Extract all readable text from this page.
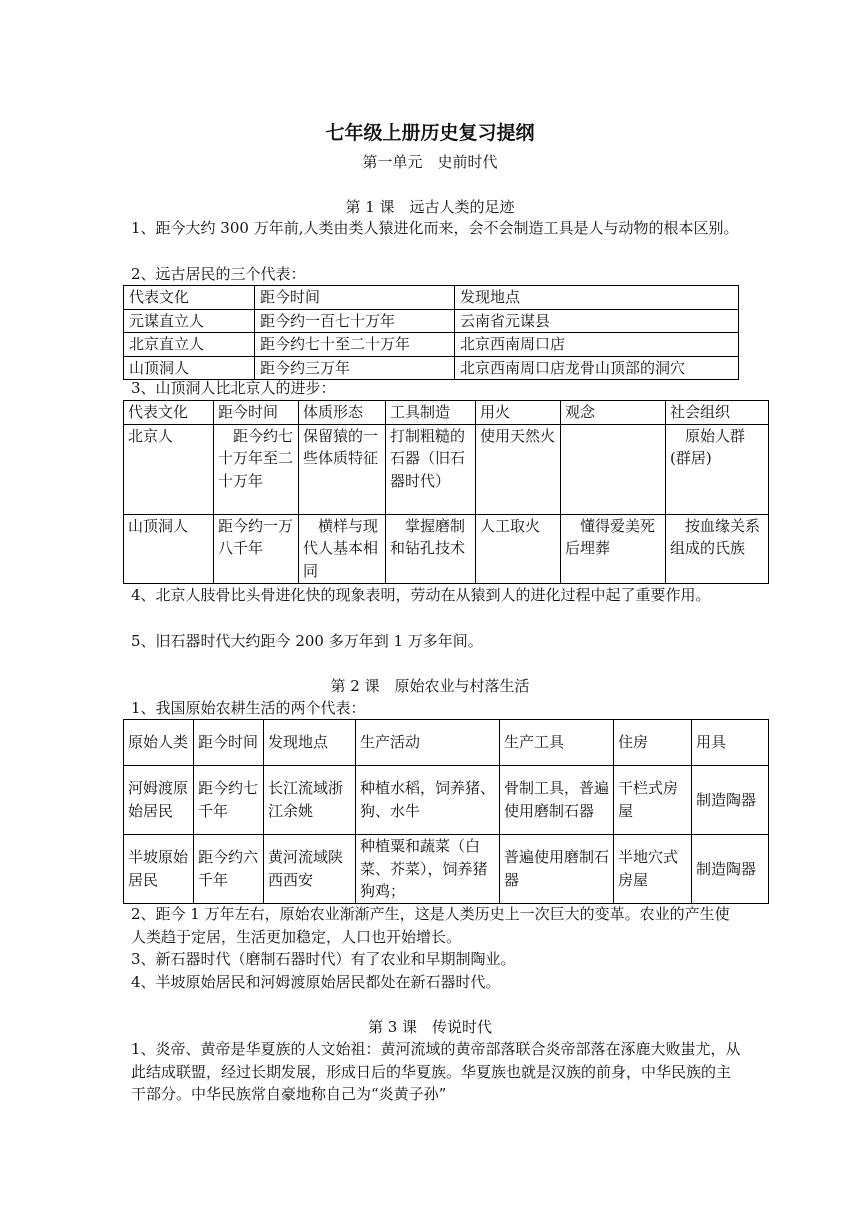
七年级上册历史复习提纲
第一单元　史前时代
第 1 课　远古人类的足迹
1、距今大约 300 万年前,人类由类人猿进化而来，会不会制造工具是人与动物的根本区别。
2、远古居民的三个代表：
代表文化	距今时间	发现地点
元谋直立人	距今约一百七十万年	云南省元谋县
北京直立人	距今约七十至二十万年	北京西南周口店
山顶洞人	距今约三万年	北京西南周口店龙骨山顶部的洞穴
3、山顶洞人比北京人的进步：
代表文化	距今时间	体质形态	工具制造	用火	观念	社会组织
北京人	距今约七十万年至二十万年	保留猿的一些体质特征	打制粗糙的石器（旧石器时代）	使用天然火		原始人群(群居)
山顶洞人	距今约一万八千年	横样与现代人基本相同	掌握磨制和钻孔技术	人工取火	懂得爱美死后埋葬	按血缘关系组成的氏族
4、北京人肢骨比头骨进化快的现象表明，劳动在从猿到人的进化过程中起了重要作用。
5、旧石器时代大约距今 200 多万年到 1 万多年间。
第 2 课　原始农业与村落生活
1、我国原始农耕生活的两个代表：
原始人类	距今时间	发现地点	生产活动	生产工具	住房	用具
河姆渡原始居民	距今约七千年	长江流域浙江余姚	种植水稻，饲养猪、狗、水牛	骨制工具，普遍使用磨制石器	干栏式房屋	制造陶器
半坡原始居民	距今约六千年	黄河流域陕西西安	种植粟和蔬菜（白菜、芥菜），饲养猪狗鸡；	普遍使用磨制石器	半地穴式房屋	制造陶器
2、距今 1 万年左右，原始农业渐渐产生，这是人类历史上一次巨大的变革。农业的产生使人类趋于定居，生活更加稳定，人口也开始增长。
3、新石器时代（磨制石器时代）有了农业和早期制陶业。
4、半坡原始居民和河姆渡原始居民都处在新石器时代。
第 3 课　传说时代
1、炎帝、黄帝是华夏族的人文始祖：黄河流域的黄帝部落联合炎帝部落在涿鹿大败蚩尤，从此结成联盟，经过长期发展，形成日后的华夏族。华夏族也就是汉族的前身，中华民族的主干部分。中华民族常自豪地称自己为“炎黄子孙”
